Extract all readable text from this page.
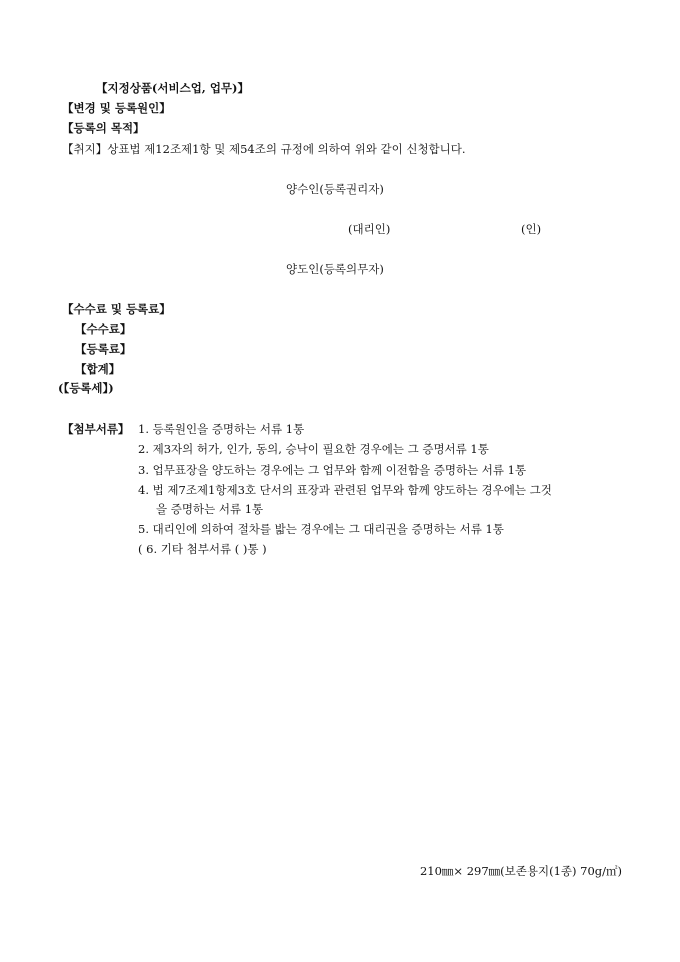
【지정상품(서비스업, 업무)】
【변경 및 등록원인】
【등록의 목적】
【취지】상표법 제12조제1항 및 제54조의 규정에 의하여 위와 같이 신청합니다.
양수인(등록권리자)
(대리인)	(인)
양도인(등록의무자)
【수수료 및 등록료】
【수수료】
【등록료】
【합계】
(【등록세】)
【첨부서류】 1. 등록원인을 증명하는 서류 1통
2. 제3자의 허가, 인가, 동의, 승낙이 필요한 경우에는 그 증명서류 1통
3. 업무표장을 양도하는 경우에는 그 업무와 함께 이전함을 증명하는 서류 1통
4. 법 제7조제1항제3호 단서의 표장과 관련된 업무와 함께 양도하는 경우에는 그것
을 증명하는 서류 1통
5. 대리인에 의하여 절차를 밟는 경우에는 그 대리권을 증명하는 서류 1통
( 6. 기타 첨부서류 ( )통 )
210㎜× 297㎜(보존용지(1종) 70g/㎡)
